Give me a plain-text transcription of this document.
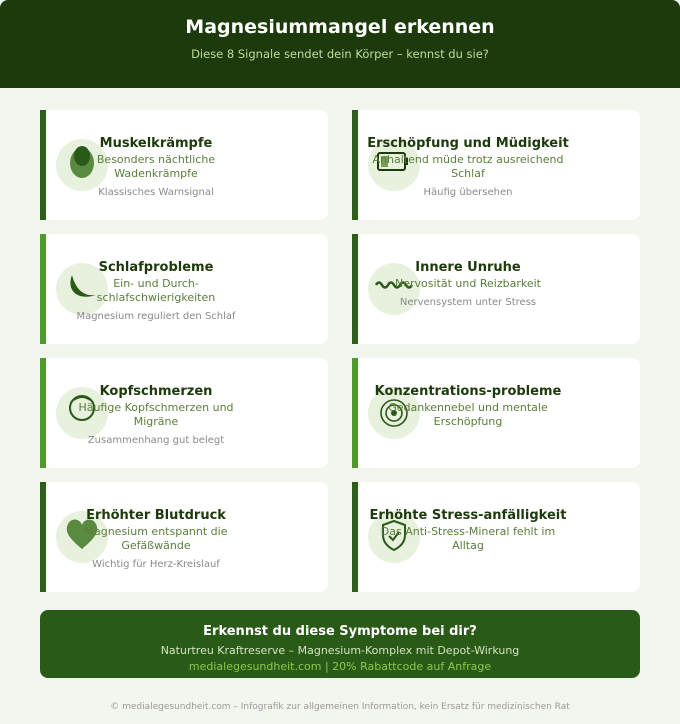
Magnesiummangel erkennen
Diese 8 Signale sendet dein Körper – kennst du sie?
Muskelkrämpfe
Besonders nächtliche Wadenkrämpfe
Klassisches Warnsignal
Erschöpfung und Müdigkeit
Anhaltend müde trotz ausreichend Schlaf
Häufig übersehen
Schlafprobleme
Ein- und Durch-schlafschwierigkeiten
Magnesium reguliert den Schlaf
Innere Unruhe
Nervosität und Reizbarkeit
Nervensystem unter Stress
Kopfschmerzen
Häufige Kopfschmerzen und Migräne
Zusammenhang gut belegt
Konzentrations-probleme
Gedankennebel und mentale Erschöpfung
Erhöhter Blutdruck
Magnesium entspannt die Gefäßwände
Wichtig für Herz-Kreislauf
Erhöhte Stress-anfälligkeit
Das Anti-Stress-Mineral fehlt im Alltag
Erkennst du diese Symptome bei dir?
Naturtreu Kraftreserve – Magnesium-Komplex mit Depot-Wirkung
medialegesundheit.com | 20% Rabattcode auf Anfrage
© medialegesundheit.com – Infografik zur allgemeinen Information, kein Ersatz für medizinischen Rat
